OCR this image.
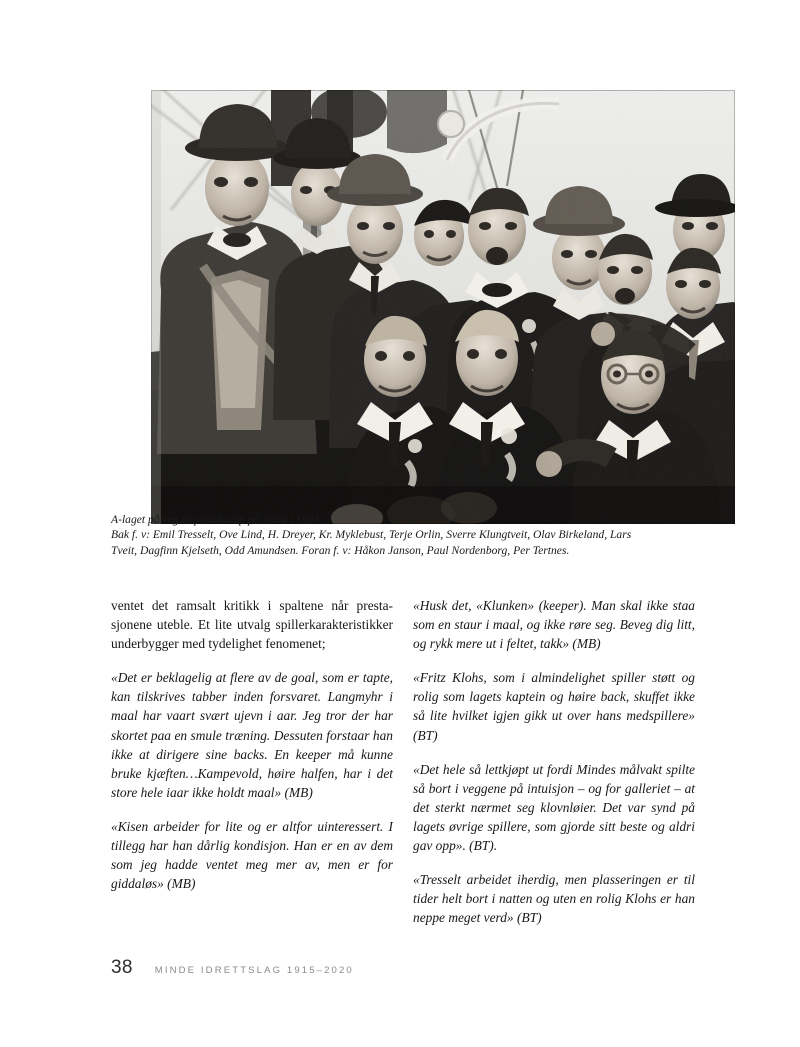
A-laget på veg til pokalkamp på Stord i 1931.
Bak f. v: Emil Tresselt, Ove Lind, H. Dreyer, Kr. Myklebust, Terje Orlin, Sverre Klungtveit, Olav Birkeland, Lars
Tveit, Dagfinn Kjelseth, Odd Amundsen. Foran f. v: Håkon Janson, Paul Nordenborg, Per Tertnes.

ventet det ramsalt kritikk i spaltene når prestasjonene uteble. Et lite utvalg spillerkarakteristikker underbygger med tydelighet fenomenet;

«Det er beklagelig at flere av de goal, som er tapte, kan tilskrives tabber inden forsvaret. Langmyhr i maal har vaart svært ujevn i aar. Jeg tror der har skortet paa en smule træning. Dessuten forstaar han ikke at dirigere sine backs. En keeper må kunne bruke kjæften…Kampevold, høire halfen, har i det store hele iaar ikke holdt maal» (MB)

«Kisen arbeider for lite og er altfor uinteressert. I tillegg har han dårlig kondisjon. Han er en av dem som jeg hadde ventet meg mer av, men er for giddaløs» (MB)

«Husk det, «Klunken» (keeper). Man skal ikke staa som en staur i maal, og ikke røre seg. Beveg dig litt, og rykk mere ut i feltet, takk» (MB)

«Fritz Klohs, som i almindelighet spiller støtt og rolig som lagets kaptein og høire back, skuffet ikke så lite hvilket igjen gikk ut over hans medspillere» (BT)

«Det hele så lettkjøpt ut fordi Mindes målvakt spilte så bort i veggene på intuisjon – og for galleriet – at det sterkt nærmet seg klovnløier. Det var synd på lagets øvrige spillere, som gjorde sitt beste og aldri gav opp». (BT).

«Tresselt arbeidet iherdig, men plasseringen er til tider helt bort i natten og uten en rolig Klohs er han neppe meget verd» (BT)

38 MINDE IDRETTSLAG 1915–2020
